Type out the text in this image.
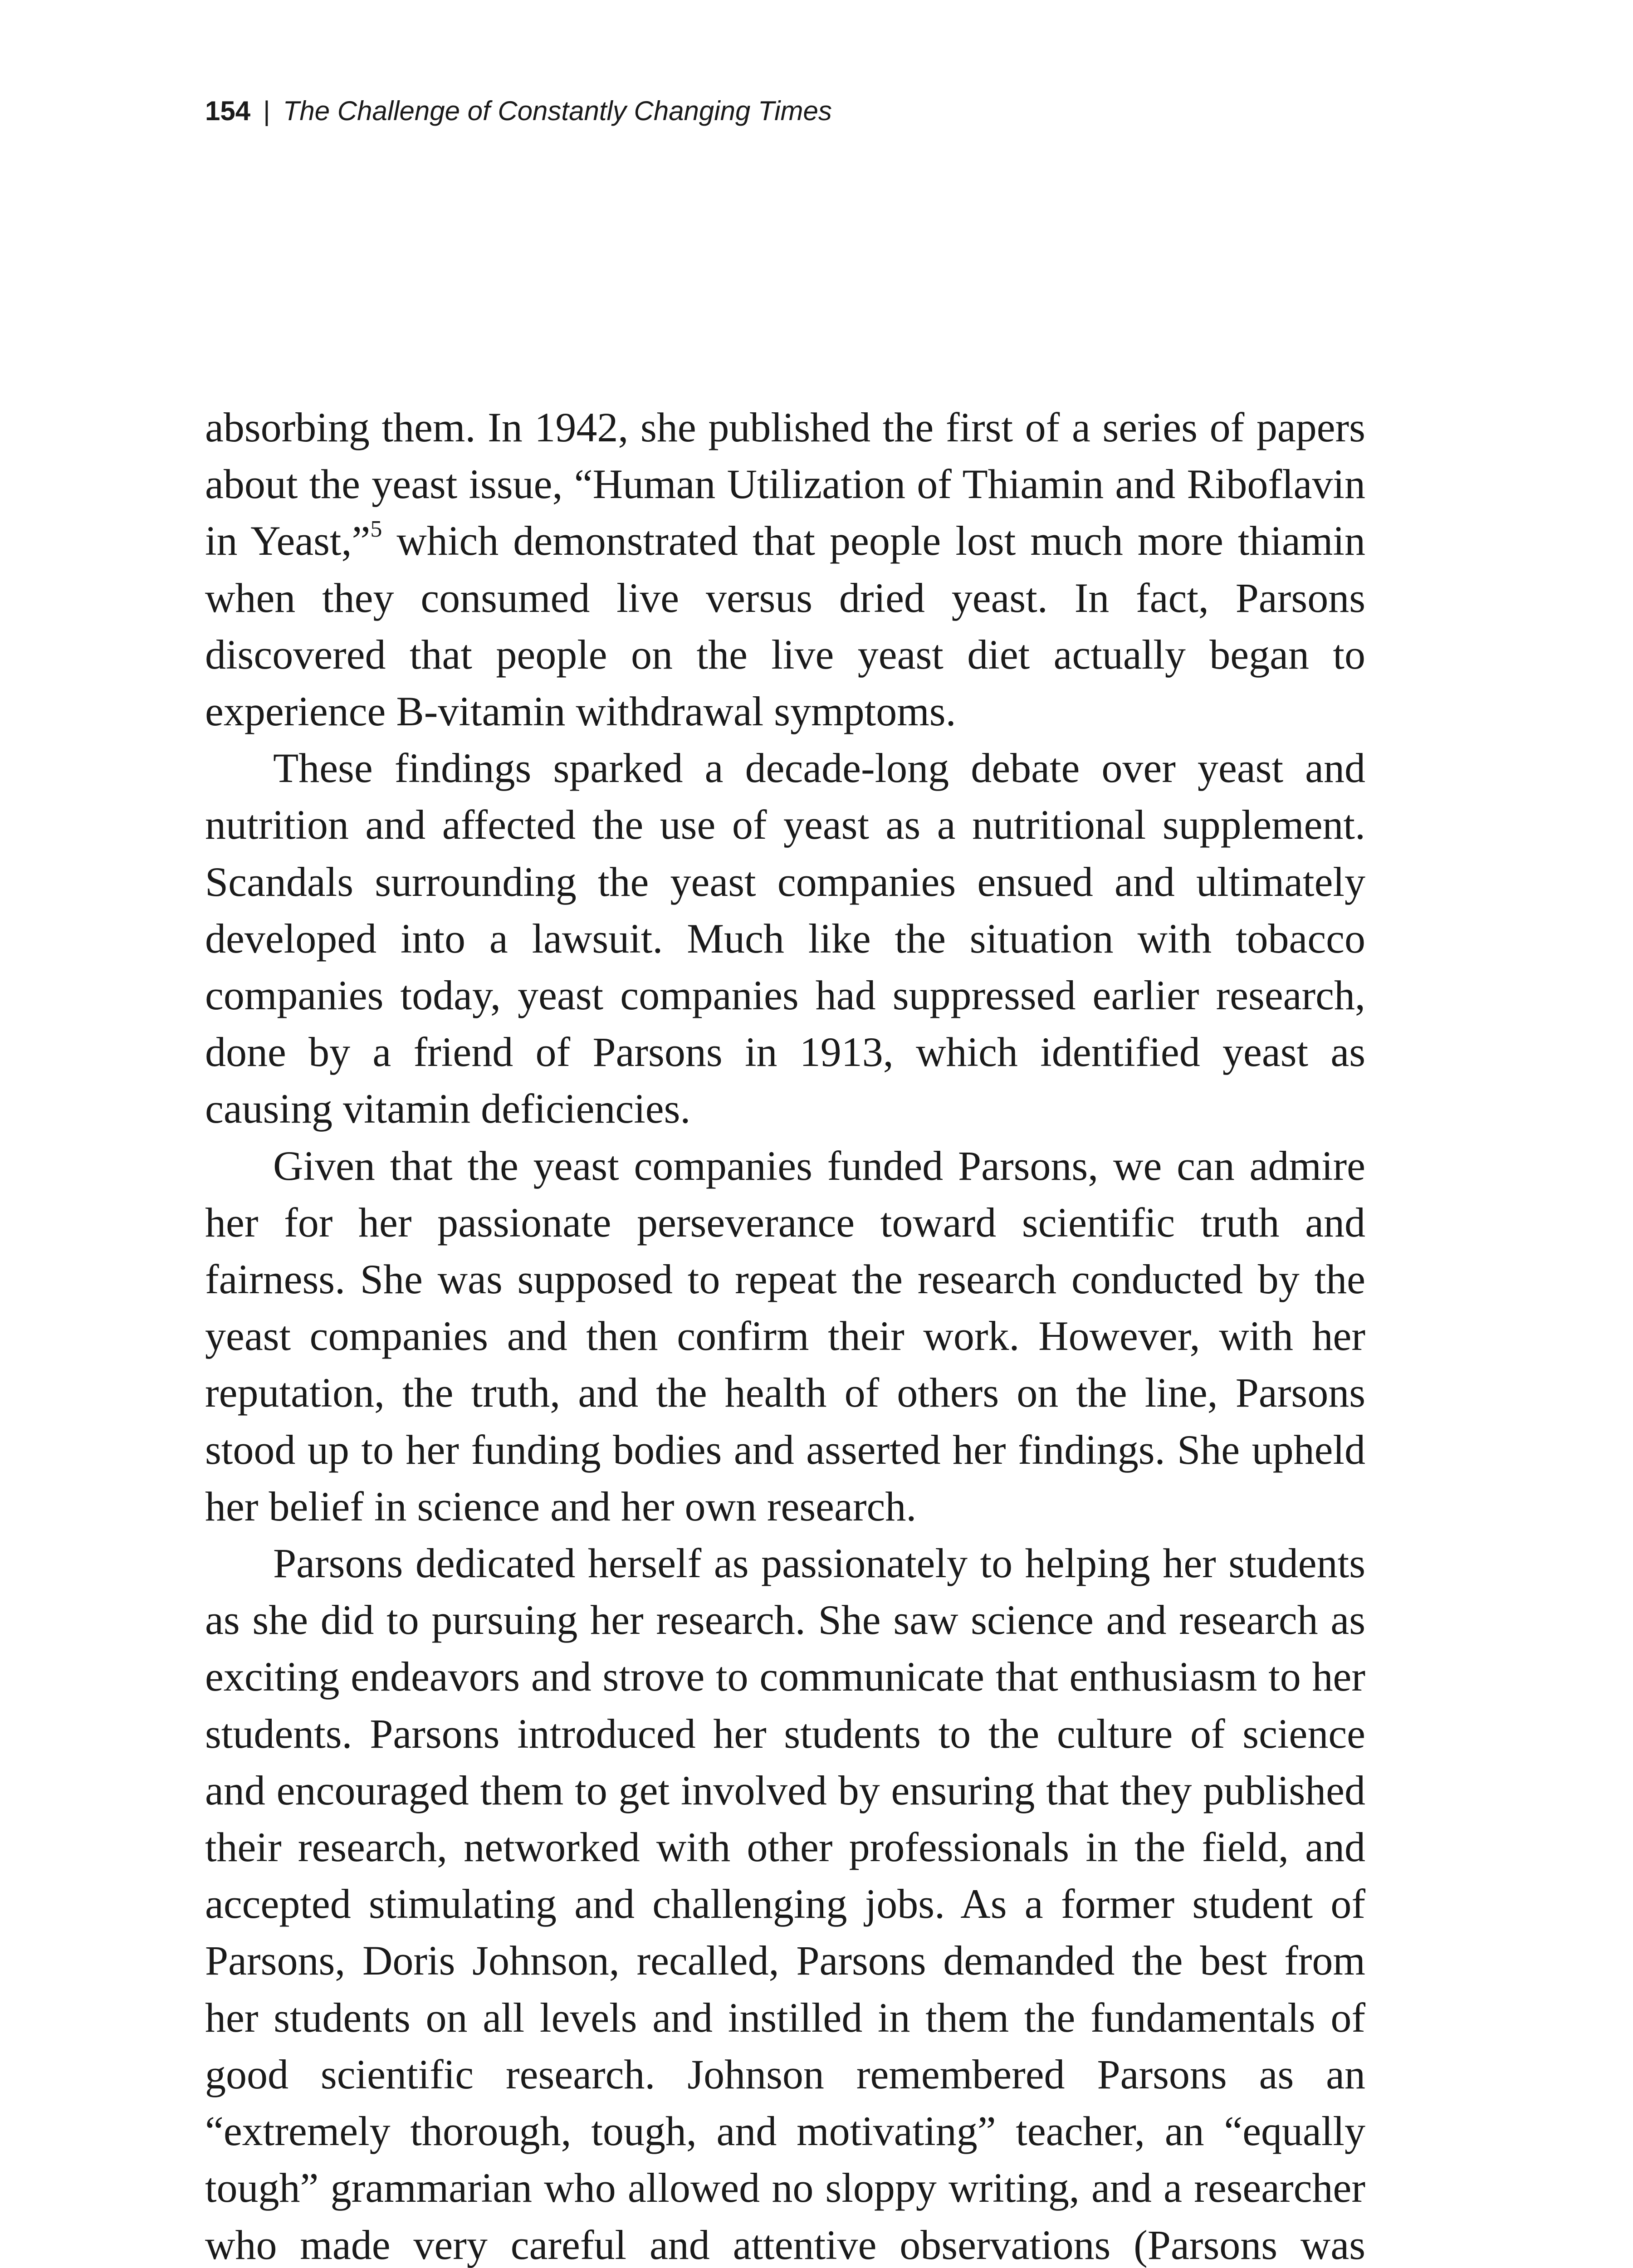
154 | The Challenge of Constantly Changing Times

absorbing them. In 1942, she published the first of a series of papers about the yeast issue, “Human Utilization of Thiamin and Riboflavin in Yeast,”$^5$ which demonstrated that people lost much more thiamin when they consumed live versus dried yeast. In fact, Parsons discovered that people on the live yeast diet actually began to experience B-vitamin withdrawal symptoms.

These findings sparked a decade-long debate over yeast and nutrition and affected the use of yeast as a nutritional supplement. Scandals surrounding the yeast companies ensued and ultimately developed into a lawsuit. Much like the situation with tobacco companies today, yeast companies had suppressed earlier research, done by a friend of Parsons in 1913, which identified yeast as causing vitamin deficiencies.

Given that the yeast companies funded Parsons, we can admire her for her passionate perseverance toward scientific truth and fairness. She was supposed to repeat the research conducted by the yeast companies and then confirm their work. However, with her reputation, the truth, and the health of others on the line, Parsons stood up to her funding bodies and asserted her findings. She upheld her belief in science and her own research.

Parsons dedicated herself as passionately to helping her students as she did to pursuing her research. She saw science and research as exciting endeavors and strove to communicate that enthusiasm to her students. Parsons introduced her students to the culture of science and encouraged them to get involved by ensuring that they published their research, networked with other professionals in the field, and accepted stimulating and challenging jobs. As a former student of Parsons, Doris Johnson, recalled, Parsons demanded the best from her students on all levels and instilled in them the fundamentals of good scientific research. Johnson remembered Parsons as an “extremely thorough, tough, and motivating” teacher, an “equally tough” grammarian who allowed no sloppy writing, and a researcher who made very careful and attentive observations (Parsons was
